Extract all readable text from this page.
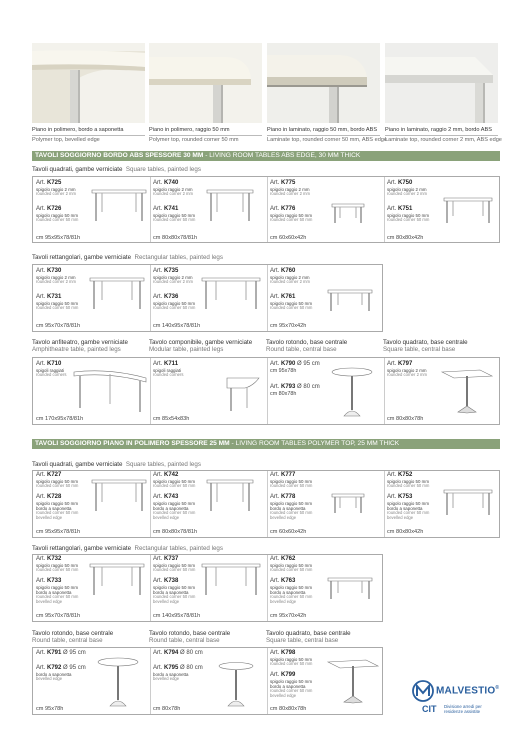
Piano in polimero, bordo a saponetta
Polymer top, bevelled edge
Piano in polimero, raggio 50 mm
Polymer top, rounded corner 50 mm
Piano in laminato, raggio 50 mm, bordo ABS
Laminate top, rounded corner 50 mm, ABS edge
Piano in laminato, raggio 2 mm, bordo ABS
Laminate top, rounded corner 2 mm, ABS edge
TAVOLI SOGGIORNO BORDO ABS SPESSORE 30 MM - LIVING ROOM TABLES ABS EDGE, 30 MM THICK
Tavoli quadrati, gambe verniciate Square tables, painted legs
Art. K725
spigolo raggio 2 mm
rounded corner 2 mm
Art. K726
spigolo raggio 50 mm
rounded corner 50 mm
cm 95x95x78/81h
Art. K740
spigolo raggio 2 mm
rounded corner 2 mm
Art. K741
spigolo raggio 50 mm
rounded corner 50 mm
cm 80x80x78/81h
Art. K775
spigolo raggio 2 mm
rounded corner 2 mm
Art. K776
spigolo raggio 50 mm
rounded corner 50 mm
cm 60x60x42h
Art. K750
spigolo raggio 2 mm
rounded corner 2 mm
Art. K751
spigolo raggio 50 mm
rounded corner 50 mm
cm 80x80x42h
Tavoli rettangolari, gambe verniciate Rectangular tables, painted legs
Art. K730
spigolo raggio 2 mm
rounded corner 2 mm
Art. K731
spigolo raggio 50 mm
rounded corner 50 mm
cm 95x70x78/81h
Art. K735
spigolo raggio 2 mm
rounded corner 2 mm
Art. K736
spigolo raggio 50 mm
rounded corner 50 mm
cm 140x95x78/81h
Art. K760
spigolo raggio 2 mm
rounded corner 2 mm
Art. K761
spigolo raggio 50 mm
rounded corner 50 mm
cm 95x70x42h
Tavolo anfiteatro, gambe verniciate
Amphitheatre table, painted legs
Tavolo componibile, gambe verniciate
Modular table, painted legs
Tavolo rotondo, base centrale
Round table, central base
Tavolo quadrato, base centrale
Square table, central base
Art. K710
spigoli raggiati
rounded corners
cm 170x95x78/81h
Art. K711
spigoli raggiati
rounded corners
cm 85x54x83h
Art. K790 Ø 95 cm
cm 95x78h
Art. K793 Ø 80 cm
cm 80x78h
Art. K797
spigolo raggio 2 mm
rounded corner 2 mm
cm 80x80x78h
TAVOLI SOGGIORNO PIANO IN POLIMERO SPESSORE 25 MM - LIVING ROOM TABLES POLYMER TOP, 25 MM THICK
Tavoli quadrati, gambe verniciate Square tables, painted legs
Art. K727
spigolo raggio 50 mm
rounded corner 50 mm
Art. K728
spigolo raggio 50 mm
bordo a saponetta
rounded corner 50 mm
bevelled edge
cm 95x95x78/81h
Art. K742
spigolo raggio 50 mm
rounded corner 50 mm
Art. K743
spigolo raggio 50 mm
bordo a saponetta
rounded corner 50 mm
bevelled edge
cm 80x80x78/81h
Art. K777
spigolo raggio 50 mm
rounded corner 50 mm
Art. K778
spigolo raggio 50 mm
bordo a saponetta
rounded corner 50 mm
bevelled edge
cm 60x60x42h
Art. K752
spigolo raggio 50 mm
rounded corner 50 mm
Art. K753
spigolo raggio 50 mm
bordo a saponetta
rounded corner 50 mm
bevelled edge
cm 80x80x42h
Tavoli rettangolari, gambe verniciate Rectangular tables, painted legs
Art. K732
spigolo raggio 50 mm
rounded corner 50 mm
Art. K733
spigolo raggio 50 mm
bordo a saponetta
rounded corner 50 mm
bevelled edge
cm 95x70x78/81h
Art. K737
spigolo raggio 50 mm
rounded corner 50 mm
Art. K738
spigolo raggio 50 mm
bordo a saponetta
rounded corner 50 mm
bevelled edge
cm 140x95x78/81h
Art. K762
spigolo raggio 50 mm
rounded corner 50 mm
Art. K763
spigolo raggio 50 mm
bordo a saponetta
rounded corner 50 mm
bevelled edge
cm 95x70x42h
Tavolo rotondo, base centrale
Round table, central base
Tavolo rotondo, base centrale
Round table, central base
Tavolo quadrato, base centrale
Square table, central base
Art. K791 Ø 95 cm
Art. K792 Ø 95 cm
bordo a saponetta
bevelled edge
cm 95x78h
Art. K794 Ø 80 cm
Art. K795 Ø 80 cm
bordo a saponetta
bevelled edge
cm 80x78h
Art. K798
spigolo raggio 50 mm
rounded corner 50 mm
Art. K799
spigolo raggio 50 mm
bordo a saponetta
rounded corner 50 mm
bevelled edge
cm 80x80x78h
MALVESTIO®
CIT Divisione arredi per
residenze assistite
